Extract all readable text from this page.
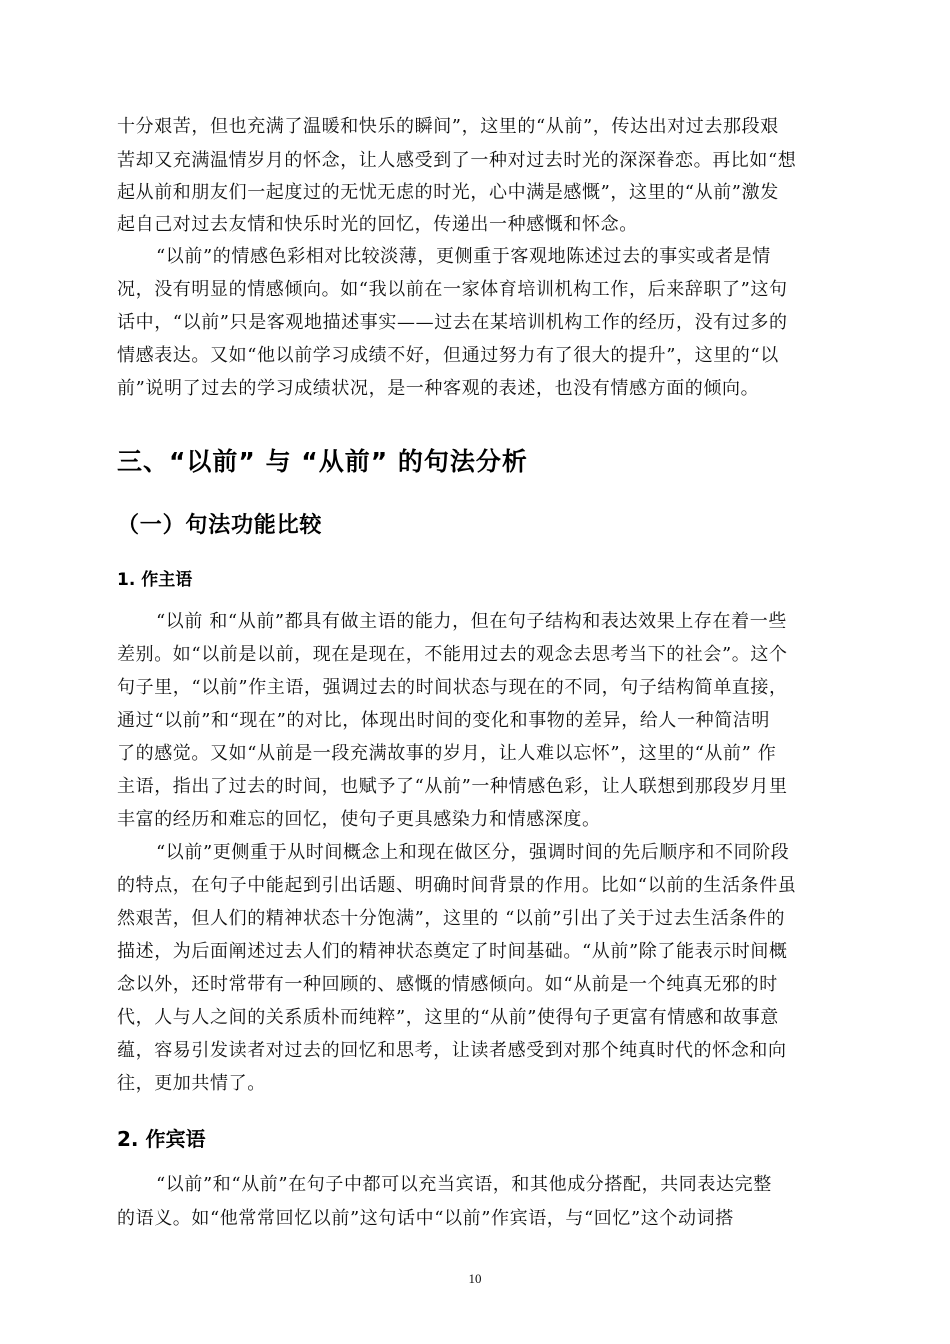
十分艰苦，但也充满了温暖和快乐的瞬间”，这里的“从前”，传达出对过去那段艰
苦却又充满温情岁月的怀念，让人感受到了一种对过去时光的深深眷恋。再比如“想
起从前和朋友们一起度过的无忧无虑的时光，心中满是感慨”，这里的“从前”激发
起自己对过去友情和快乐时光的回忆，传递出一种感慨和怀念。
“以前”的情感色彩相对比较淡薄，更侧重于客观地陈述过去的事实或者是情
况，没有明显的情感倾向。如“我以前在一家体育培训机构工作，后来辞职了”这句
话中，“以前”只是客观地描述事实——过去在某培训机构工作的经历，没有过多的
情感表达。又如“他以前学习成绩不好，但通过努力有了很大的提升”，这里的“以
前”说明了过去的学习成绩状况，是一种客观的表述，也没有情感方面的倾向。
三、“以前” 与 “从前” 的句法分析
（一）句法功能比较
1. 作主语
“以前 和“从前”都具有做主语的能力，但在句子结构和表达效果上存在着一些
差别。如“以前是以前，现在是现在，不能用过去的观念去思考当下的社会”。这个
句子里，“以前”作主语，强调过去的时间状态与现在的不同，句子结构简单直接，
通过“以前”和“现在”的对比，体现出时间的变化和事物的差异，给人一种简洁明
了的感觉。又如“从前是一段充满故事的岁月，让人难以忘怀”，这里的“从前” 作
主语，指出了过去的时间，也赋予了“从前”一种情感色彩，让人联想到那段岁月里
丰富的经历和难忘的回忆，使句子更具感染力和情感深度。
“以前”更侧重于从时间概念上和现在做区分，强调时间的先后顺序和不同阶段
的特点，在句子中能起到引出话题、明确时间背景的作用。比如“以前的生活条件虽
然艰苦，但人们的精神状态十分饱满”，这里的 “以前”引出了关于过去生活条件的
描述，为后面阐述过去人们的精神状态奠定了时间基础。“从前”除了能表示时间概
念以外，还时常带有一种回顾的、感慨的情感倾向。如“从前是一个纯真无邪的时
代，人与人之间的关系质朴而纯粹”，这里的“从前”使得句子更富有情感和故事意
蕴，容易引发读者对过去的回忆和思考，让读者感受到对那个纯真时代的怀念和向
往，更加共情了。
2. 作宾语
“以前”和“从前”在句子中都可以充当宾语，和其他成分搭配，共同表达完整
的语义。如“他常常回忆以前”这句话中“以前”作宾语，与“回忆”这个动词搭
10
